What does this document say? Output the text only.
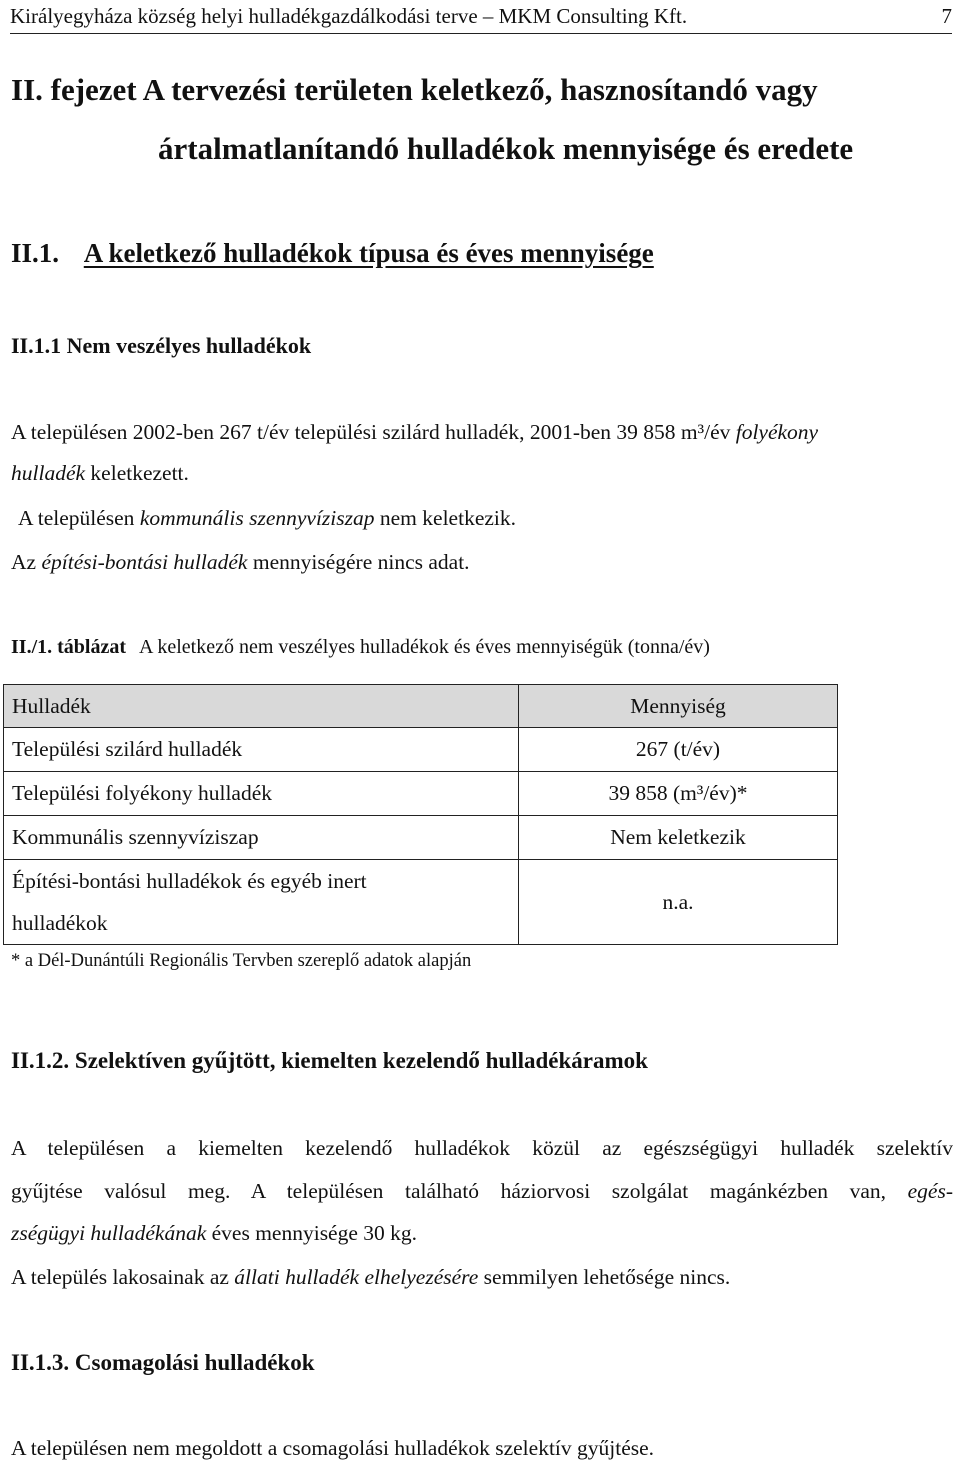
Királyegyháza község helyi hulladékgazdálkodási terve – MKM Consulting Kft.	7
II. fejezet A tervezési területen keletkező, hasznosítandó vagy
ártalmatlanítandó hulladékok mennyisége és eredete
II.1. A keletkező hulladékok típusa és éves mennyisége
II.1.1 Nem veszélyes hulladékok
A településen 2002-ben 267 t/év települési szilárd hulladék, 2001-ben 39 858 m³/év folyékony
hulladék keletkezett.
A településen kommunális szennyvíziszap nem keletkezik.
Az építési-bontási hulladék mennyiségére nincs adat.
II./1. táblázat A keletkező nem veszélyes hulladékok és éves mennyiségük (tonna/év)
Hulladék	Mennyiség
Települési szilárd hulladék	267 (t/év)
Települési folyékony hulladék	39 858 (m³/év)*
Kommunális szennyvíziszap	Nem keletkezik
Építési-bontási hulladékok és egyéb inert
hulladékok	n.a.
* a Dél-Dunántúli Regionális Tervben szereplő adatok alapján
II.1.2. Szelektíven gyűjtött, kiemelten kezelendő hulladékáramok
A településen a kiemelten kezelendő hulladékok közül az egészségügyi hulladék szelektív
gyűjtése valósul meg. A településen található háziorvosi szolgálat magánkézben van, egés-
zségügyi hulladékának éves mennyisége 30 kg.
A település lakosainak az állati hulladék elhelyezésére semmilyen lehetősége nincs.
II.1.3. Csomagolási hulladékok
A településen nem megoldott a csomagolási hulladékok szelektív gyűjtése.
